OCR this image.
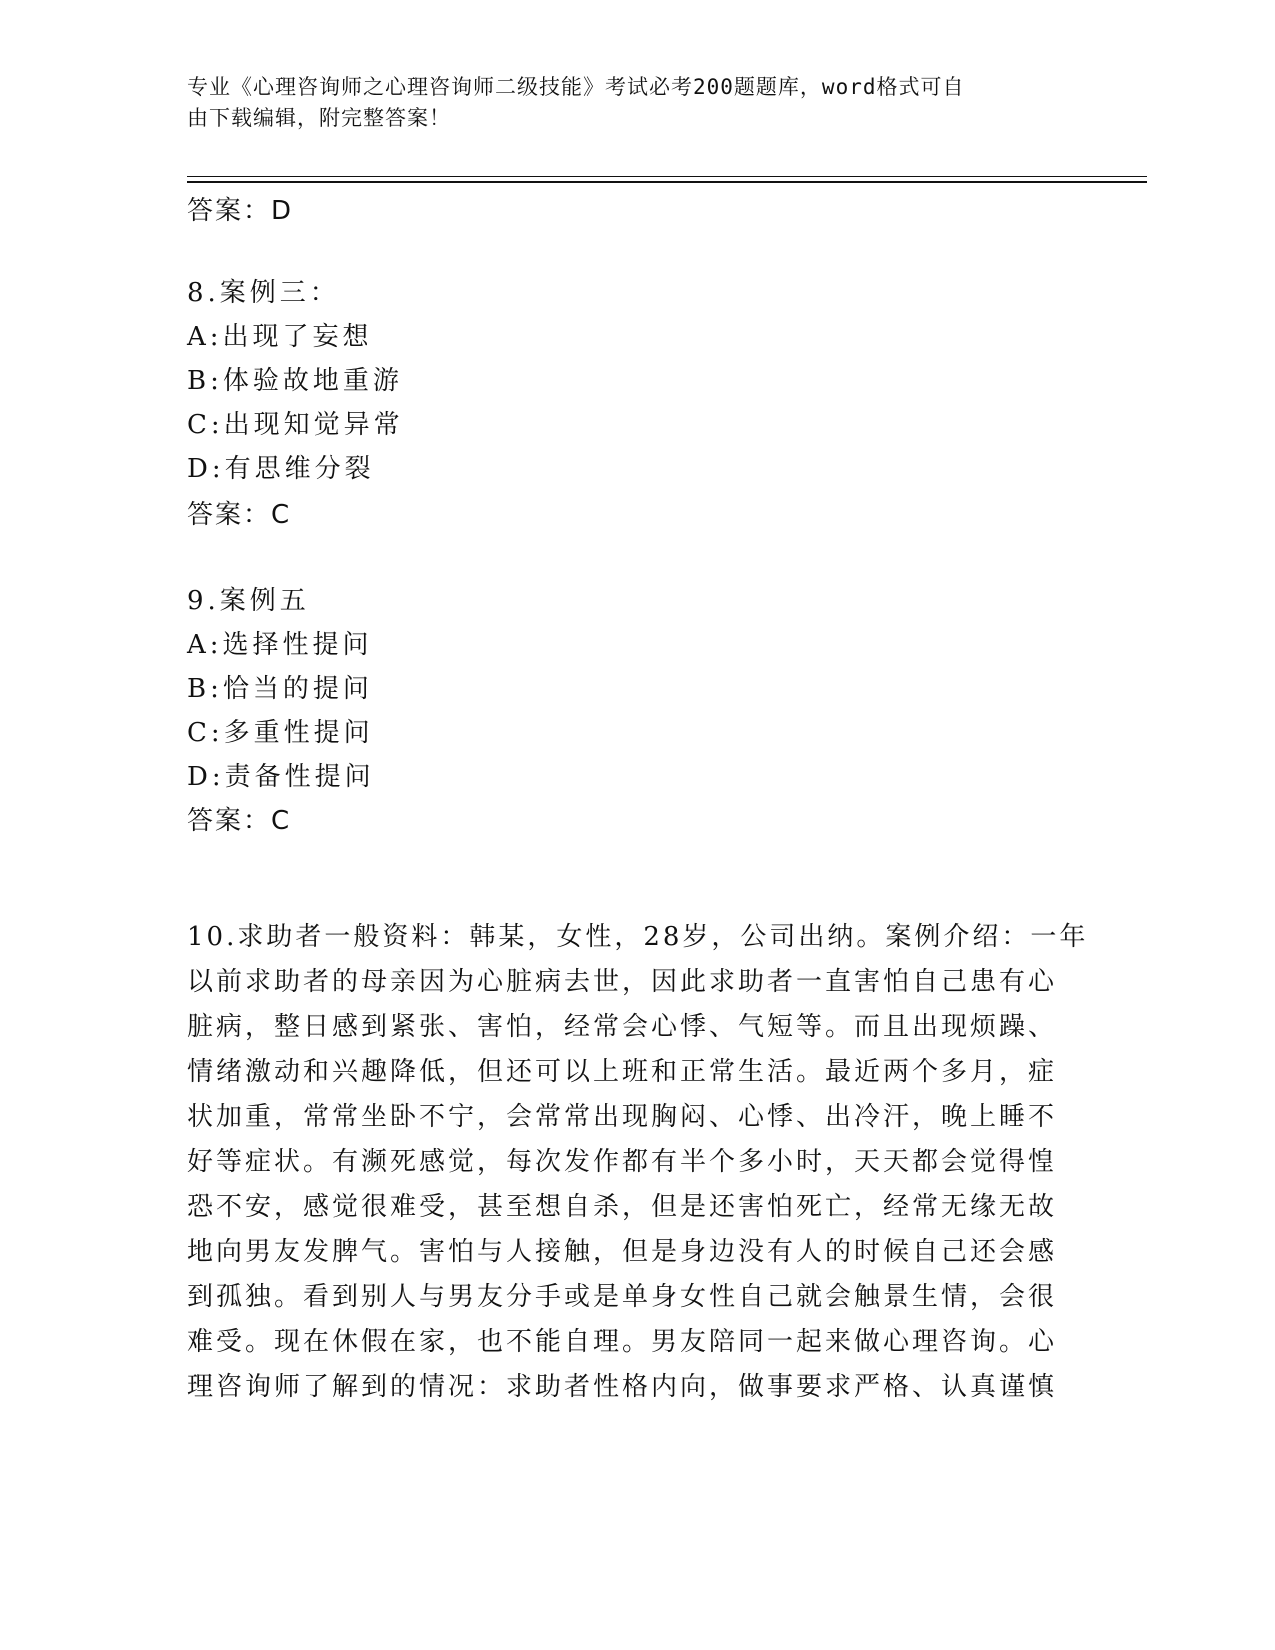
专业《心理咨询师之心理咨询师二级技能》考试必考200题题库，word格式可自
由下载编辑，附完整答案！
答案：D
8.案例三：
A:出现了妄想
B:体验故地重游
C:出现知觉异常
D:有思维分裂
答案：C
9.案例五
A:选择性提问
B:恰当的提问
C:多重性提问
D:责备性提问
答案：C
10.求助者一般资料：韩某，女性，28岁，公司出纳。案例介绍：一年
以前求助者的母亲因为心脏病去世，因此求助者一直害怕自己患有心
脏病，整日感到紧张、害怕，经常会心悸、气短等。而且出现烦躁、
情绪激动和兴趣降低，但还可以上班和正常生活。最近两个多月，症
状加重，常常坐卧不宁，会常常出现胸闷、心悸、出冷汗，晚上睡不
好等症状。有濒死感觉，每次发作都有半个多小时，天天都会觉得惶
恐不安，感觉很难受，甚至想自杀，但是还害怕死亡，经常无缘无故
地向男友发脾气。害怕与人接触，但是身边没有人的时候自己还会感
到孤独。看到别人与男友分手或是单身女性自己就会触景生情，会很
难受。现在休假在家，也不能自理。男友陪同一起来做心理咨询。心
理咨询师了解到的情况：求助者性格内向，做事要求严格、认真谨慎
